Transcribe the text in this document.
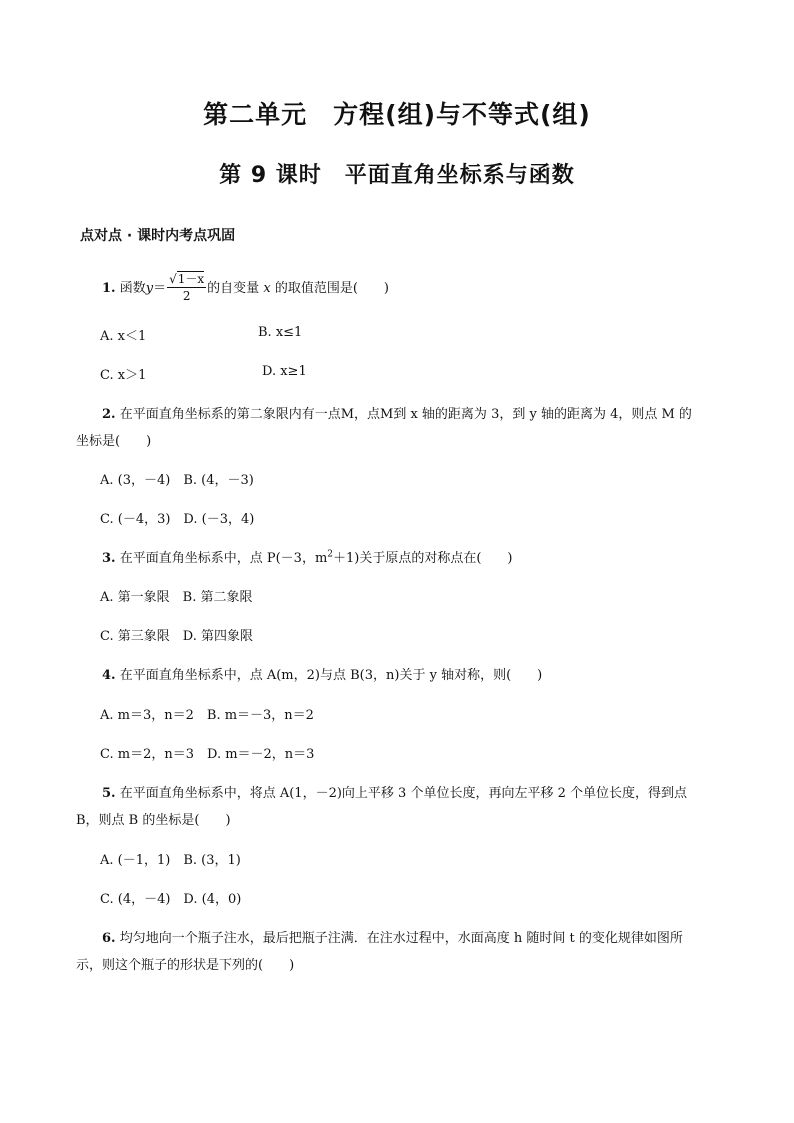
第二单元　方程(组)与不等式(组)
第 9 课时　平面直角坐标系与函数
点对点 · 课时内考点巩固
1. 函数$y= \frac{√1-x}{2}$ 的自变量 x 的取值范围是(　　)
A. x＜1	B. x≤1
C. x＞1	D. x≥1
2. 在平面直角坐标系的第二象限内有一点M，点M到 x 轴的距离为 3，到 y 轴的距离为 4，则点 M 的
坐标是(　　)
A. (3，－4)　B. (4，－3)
C. (－4，3)　D. (－3，4)
3. 在平面直角坐标系中，点 P(－3，$m^2+1$)关于原点的对称点在(　　)
A. 第一象限　B. 第二象限
C. 第三象限　D. 第四象限
4. 在平面直角坐标系中，点 A(m，2)与点 B(3，n)关于 y 轴对称，则(　　)
A. m＝3，n＝2　B. m＝－3，n＝2
C. m＝2，n＝3　D. m＝－2，n＝3
5. 在平面直角坐标系中，将点 A(1，－2)向上平移 3 个单位长度，再向左平移 2 个单位长度，得到点
B，则点 B 的坐标是(　　)
A. (－1，1)　B. (3，1)
C. (4，－4)　D. (4，0)
6. 均匀地向一个瓶子注水，最后把瓶子注满．在注水过程中，水面高度 h 随时间 t 的变化规律如图所
示，则这个瓶子的形状是下列的(　　)
